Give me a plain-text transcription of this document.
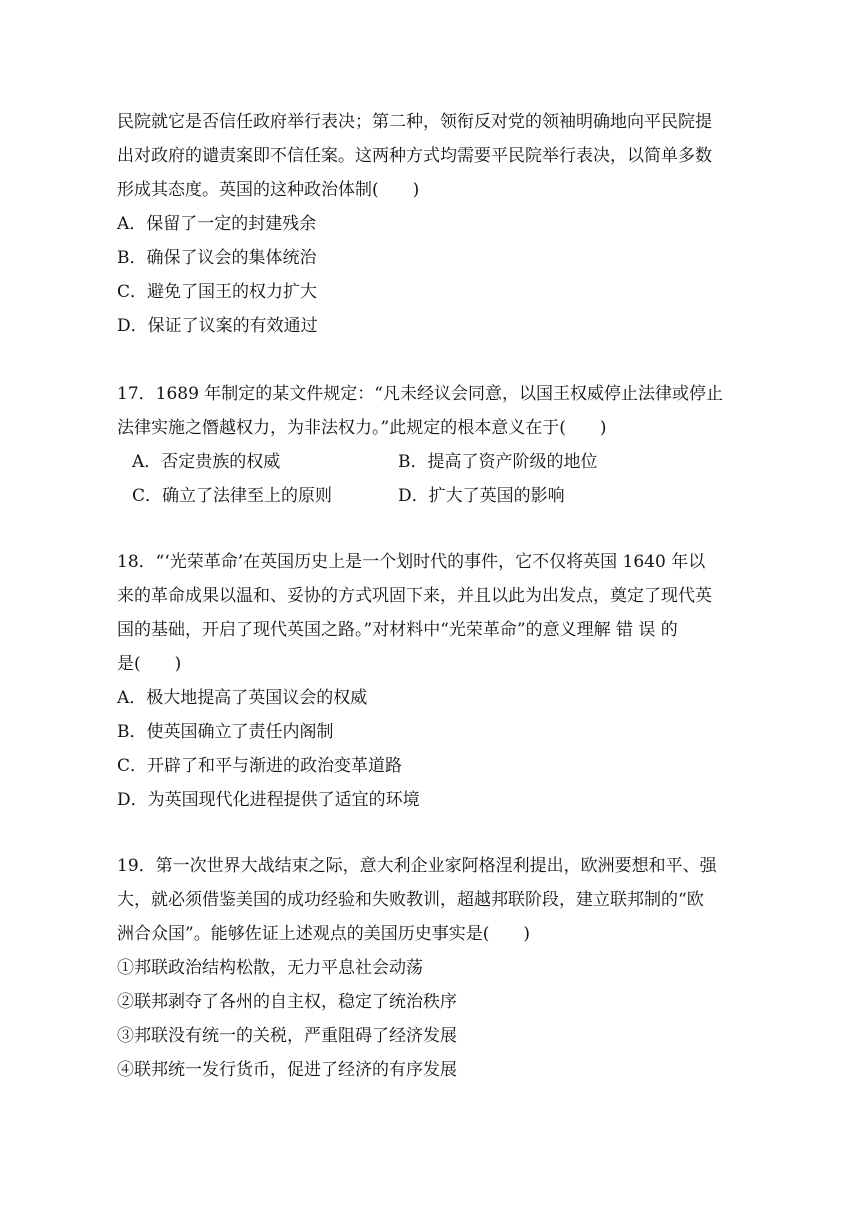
民院就它是否信任政府举行表决；第二种，领衔反对党的领袖明确地向平民院提
出对政府的谴责案即不信任案。这两种方式均需要平民院举行表决，以简单多数
形成其态度。英国的这种政治体制(　　)
A．保留了一定的封建残余
B．确保了议会的集体统治
C．避免了国王的权力扩大
D．保证了议案的有效通过
17．1689 年制定的某文件规定：“凡未经议会同意，以国王权威停止法律或停止
法律实施之僭越权力，为非法权力。”此规定的根本意义在于(　　)
A．否定贵族的权威	B．提高了资产阶级的地位
C．确立了法律至上的原则	D．扩大了英国的影响
18．“‘光荣革命’在英国历史上是一个划时代的事件，它不仅将英国 1640 年以
来的革命成果以温和、妥协的方式巩固下来，并且以此为出发点，奠定了现代英
国的基础，开启了现代英国之路。”对材料中“光荣革命”的意义理解 错 误 的
是(　　)
A．极大地提高了英国议会的权威
B．使英国确立了责任内阁制
C．开辟了和平与渐进的政治变革道路
D．为英国现代化进程提供了适宜的环境
19．第一次世界大战结束之际，意大利企业家阿格涅利提出，欧洲要想和平、强
大，就必须借鉴美国的成功经验和失败教训，超越邦联阶段，建立联邦制的“欧
洲合众国”。能够佐证上述观点的美国历史事实是(　　)
①邦联政治结构松散，无力平息社会动荡
②联邦剥夺了各州的自主权，稳定了统治秩序
③邦联没有统一的关税，严重阻碍了经济发展
④联邦统一发行货币，促进了经济的有序发展
